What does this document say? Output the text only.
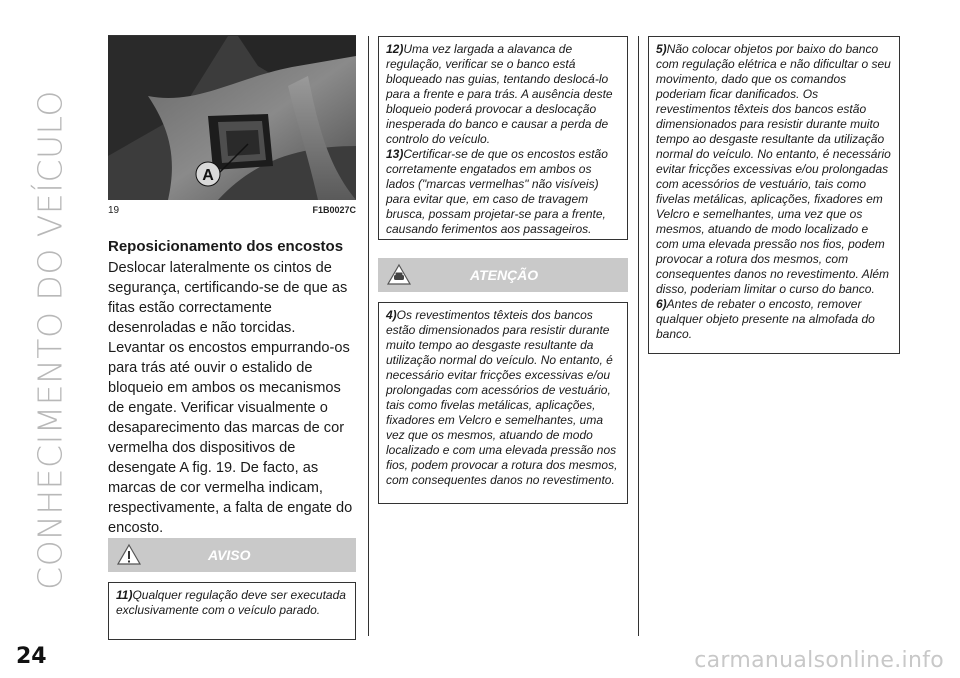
CONHECIMENTO DO VEÍCULO	A
19	F1B0027C
Reposicionamento dos encostos
Deslocar lateralmente os cintos de segurança, certificando-se de que as fitas estão correctamente desenroladas e não torcidas.
Levantar os encostos empurrando-os para trás até ouvir o estalido de bloqueio em ambos os mecanismos de engate. Verificar visualmente o desaparecimento das marcas de cor vermelha dos dispositivos de desengate A fig. 19. De facto, as marcas de cor vermelha indicam, respectivamente, a falta de engate do encosto.
AVISO

11)Qualquer regulação deve ser executada exclusivamente com o veículo parado.

12)Uma vez largada a alavanca de regulação, verificar se o banco está bloqueado nas guias, tentando deslocá-lo para a frente e para trás. A ausência deste bloqueio poderá provocar a deslocação inesperada do banco e causar a perda de controlo do veículo.

13)Certificar-se de que os encostos estão corretamente engatados em ambos os lados ("marcas vermelhas" não visíveis) para evitar que, em caso de travagem brusca, possam projetar-se para a frente, causando ferimentos aos passageiros.

ATENÇÃO

4)Os revestimentos têxteis dos bancos estão dimensionados para resistir durante muito tempo ao desgaste resultante da utilização normal do veículo. No entanto, é necessário evitar fricções excessivas e/ou prolongadas com acessórios de vestuário, tais como fivelas metálicas, aplicações, fixadores em Velcro e semelhantes, uma vez que os mesmos, atuando de modo localizado e com uma elevada pressão nos fios, podem provocar a rotura dos mesmos, com consequentes danos no revestimento.

5)Não colocar objetos por baixo do banco com regulação elétrica e não dificultar o seu movimento, dado que os comandos poderiam ficar danificados. Os revestimentos têxteis dos bancos estão dimensionados para resistir durante muito tempo ao desgaste resultante da utilização normal do veículo. No entanto, é necessário evitar fricções excessivas e/ou prolongadas com acessórios de vestuário, tais como fivelas metálicas, aplicações, fixadores em Velcro e semelhantes, uma vez que os mesmos, atuando de modo localizado e com uma elevada pressão nos fios, podem provocar a rotura dos mesmos, com consequentes danos no revestimento. Além disso, poderiam limitar o curso do banco.

6)Antes de rebater o encosto, remover qualquer objeto presente na almofada do banco.

24	carmanualsonline.info
